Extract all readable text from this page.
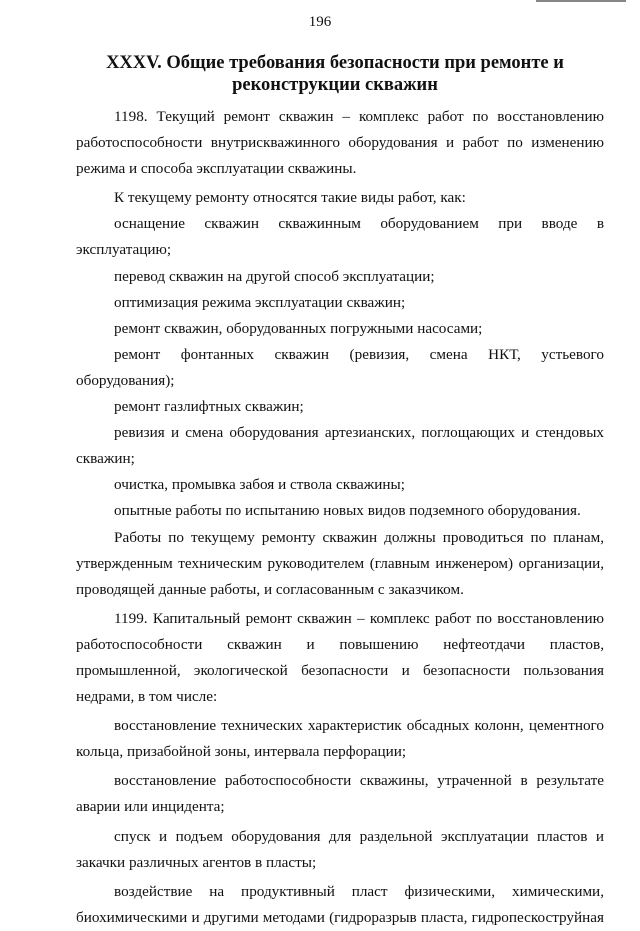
196
XXXV. Общие требования безопасности при ремонте и
реконструкции скважин

1198. Текущий ремонт скважин – комплекс работ по восстановлению работоспособности внутрискважинного оборудования и работ по изменению режима и способа эксплуатации скважины.

К текущему ремонту относятся такие виды работ, как:

оснащение скважин скважинным оборудованием при вводе в эксплуатацию;

перевод скважин на другой способ эксплуатации;

оптимизация режима эксплуатации скважин;

ремонт скважин, оборудованных погружными насосами;

ремонт фонтанных скважин (ревизия, смена НКТ, устьевого оборудования);

ремонт газлифтных скважин;

ревизия и смена оборудования артезианских, поглощающих и стендовых скважин;

очистка, промывка забоя и ствола скважины;

опытные работы по испытанию новых видов подземного оборудования.

Работы по текущему ремонту скважин должны проводиться по планам, утвержденным техническим руководителем (главным инженером) организации, проводящей данные работы, и согласованным с заказчиком.

1199. Капитальный ремонт скважин – комплекс работ по восстановлению работоспособности скважин и повышению нефтеотдачи пластов, промышленной, экологической безопасности и безопасности пользования недрами, в том числе:

восстановление технических характеристик обсадных колонн, цементного кольца, призабойной зоны, интервала перфорации;

восстановление работоспособности скважины, утраченной в результате аварии или инцидента;

спуск и подъем оборудования для раздельной эксплуатации пластов и закачки различных агентов в пласты;

воздействие на продуктивный пласт физическими, химическими, биохимическими и другими методами (гидроразрыв пласта, гидропескоструйная
